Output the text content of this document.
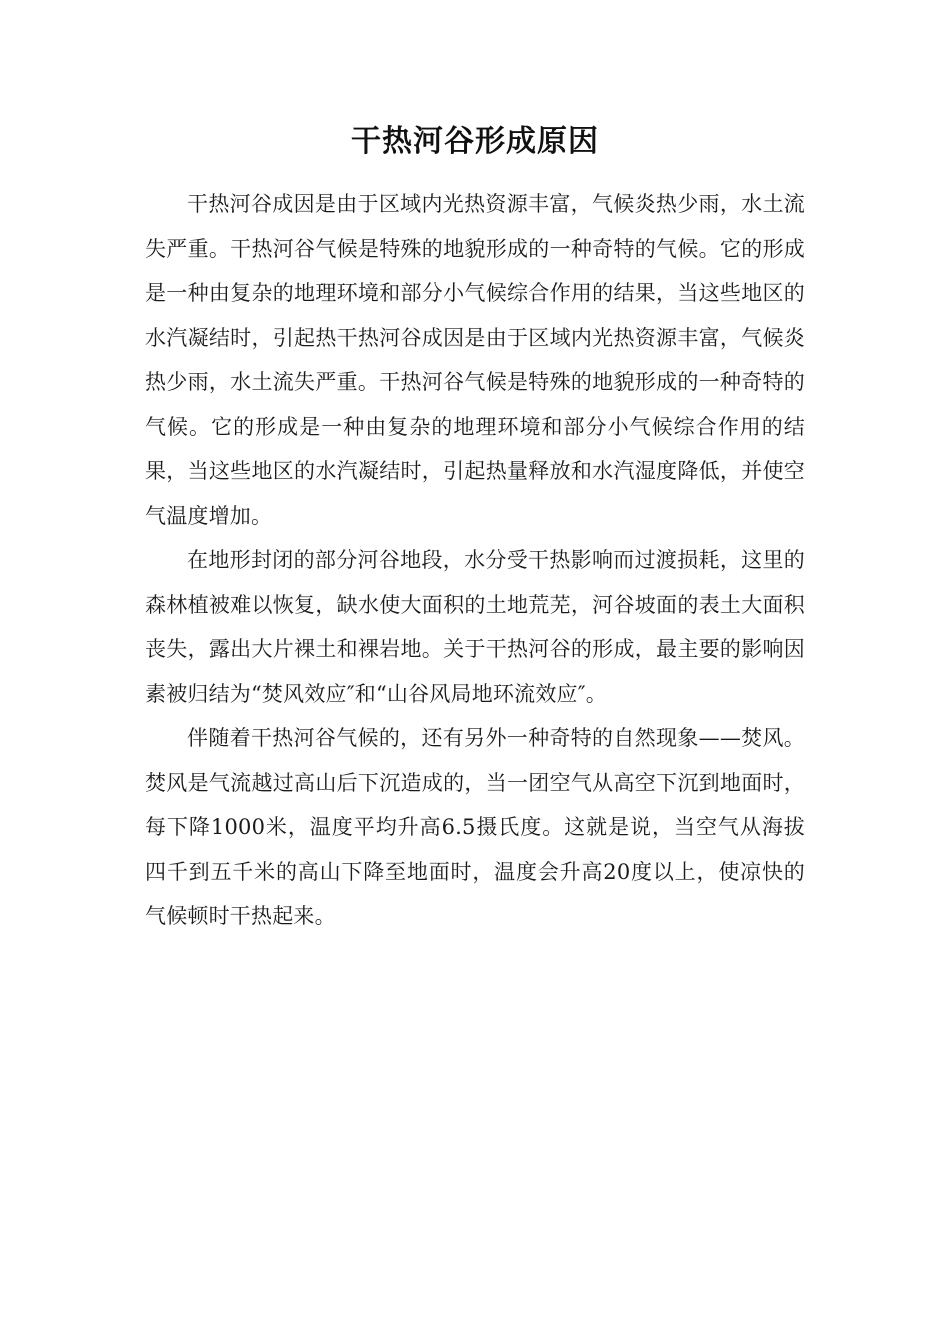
干热河谷形成原因

干热河谷成因是由于区域内光热资源丰富，气候炎热少雨，水土流失严重。干热河谷气候是特殊的地貌形成的一种奇特的气候。它的形成是一种由复杂的地理环境和部分小气候综合作用的结果，当这些地区的水汽凝结时，引起热干热河谷成因是由于区域内光热资源丰富，气候炎热少雨，水土流失严重。干热河谷气候是特殊的地貌形成的一种奇特的气候。它的形成是一种由复杂的地理环境和部分小气候综合作用的结果，当这些地区的水汽凝结时，引起热量释放和水汽湿度降低，并使空气温度增加。

在地形封闭的部分河谷地段，水分受干热影响而过渡损耗，这里的森林植被难以恢复，缺水使大面积的土地荒芜，河谷坡面的表土大面积丧失，露出大片裸土和裸岩地。关于干热河谷的形成，最主要的影响因素被归结为“焚风效应″和“山谷风局地环流效应″。

伴随着干热河谷气候的，还有另外一种奇特的自然现象——焚风。焚风是气流越过高山后下沉造成的，当一团空气从高空下沉到地面时，每下降1000米，温度平均升高6.5摄氏度。这就是说，当空气从海拔四千到五千米的高山下降至地面时，温度会升高20度以上，使凉快的气候顿时干热起来。
